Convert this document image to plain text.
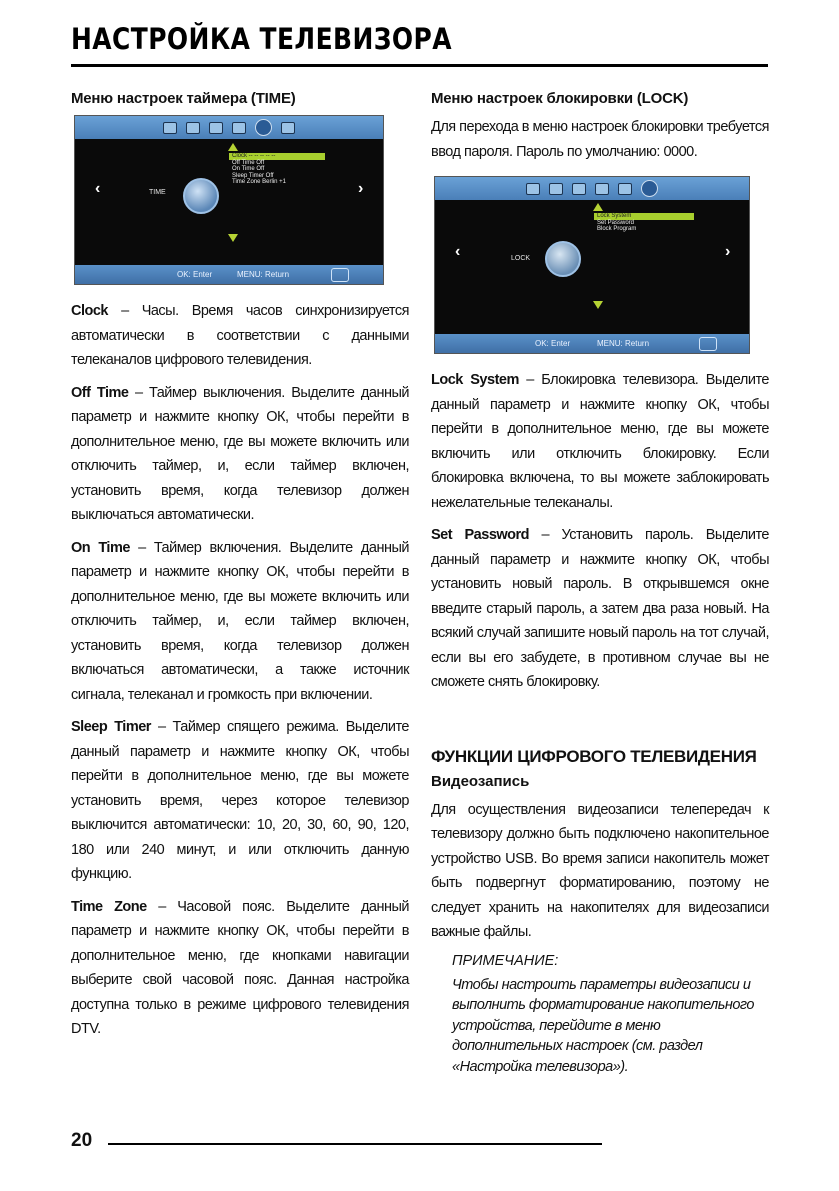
НАСТРОЙКА ТЕЛЕВИЗОРА
Меню настроек таймера (TIME)
‹	›
TIME
Clock -- -- -- -- --
Off Time Off
On Time Off
Sleep Timer Off
Time Zone Berlin +1
OK: Enter	MENU: Return

Clock – Часы. Время часов синхронизируется автоматически в соответствии с данными телеканалов цифрового телевидения.

Off Time – Таймер выключения. Выделите данный параметр и нажмите кнопку ОК, чтобы перейти в дополнительное меню, где вы можете включить или отключить таймер, и, если таймер включен, установить время, когда телевизор должен выключаться автоматически.

On Time – Таймер включения. Выделите данный параметр и нажмите кнопку ОК, чтобы перейти в дополнительное меню, где вы можете включить или отключить таймер, и, если таймер включен, установить время, когда телевизор должен включаться автоматически, а также источник сигнала, телеканал и громкость при включении.

Sleep Timer – Таймер спящего режима. Выделите данный параметр и нажмите кнопку ОК, чтобы перейти в дополнительное меню, где вы можете установить время, через которое телевизор выключится автоматически: 10, 20, 30, 60, 90, 120, 180 или 240 минут, и или отключить данную функцию.

Time Zone – Часовой пояс. Выделите данный параметр и нажмите кнопку ОК, чтобы перейти в дополнительное меню, где кнопками навигации выберите свой часовой пояс. Данная настройка доступна только в режиме цифрового телевидения DTV.

Меню настроек блокировки (LOCK)

Для перехода в меню настроек блокировки требуется ввод пароля. Пароль по умолчанию: 0000.

‹	›
LOCK
Lock System
Set Password
Block Program
OK: Enter	MENU: Return

Lock System – Блокировка телевизора. Выделите данный параметр и нажмите кнопку ОК, чтобы перейти в дополнительное меню, где вы можете включить или отключить блокировку. Если блокировка включена, то вы можете заблокировать нежелательные телеканалы.

Set Password – Установить пароль. Выделите данный параметр и нажмите кнопку ОК, чтобы установить новый пароль. В открывшемся окне введите старый пароль, а затем два раза новый. На всякий случай запишите новый пароль на тот случай, если вы его забудете, в противном случае вы не сможете снять блокировку.

ФУНКЦИИ ЦИФРОВОГО ТЕЛЕВИДЕНИЯ
Видеозапись

Для осуществления видеозаписи телепередач к телевизору должно быть подключено накопительное устройство USB. Во время записи накопитель может быть подвергнут форматированию, поэтому не следует хранить на накопителях для видеозаписи важные файлы.

ПРИМЕЧАНИЕ:

Чтобы настроить параметры видеозаписи и выполнить форматирование накопительного устройства, перейдите в меню дополнительных настроек (см. раздел «Настройка телевизора»).

20
